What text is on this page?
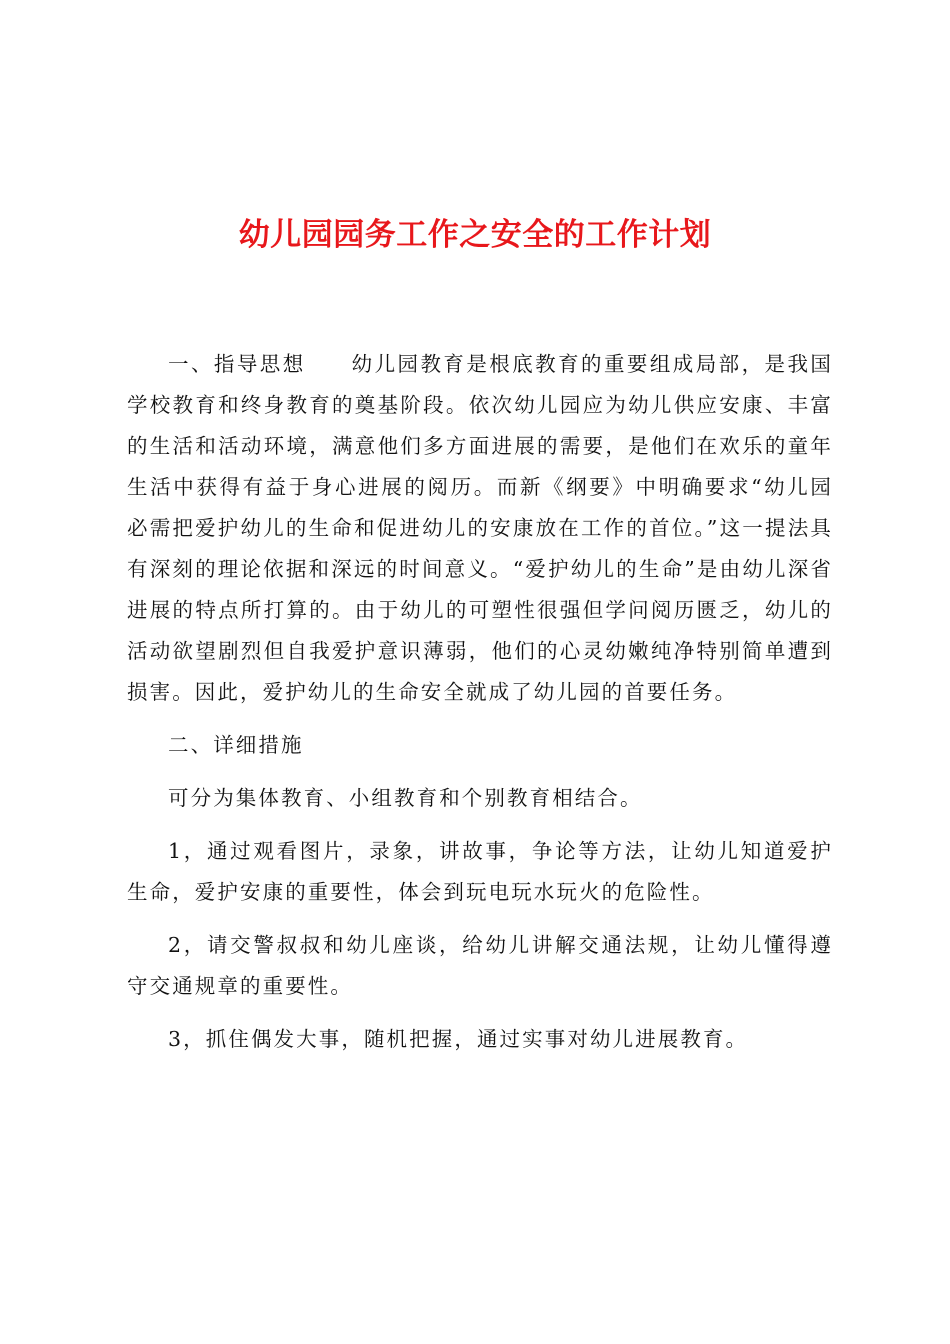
幼儿园园务工作之安全的工作计划

一、指导思想 幼儿园教育是根底教育的重要组成局部，是我国学校教育和终身教育的奠基阶段。依次幼儿园应为幼儿供应安康、丰富的生活和活动环境，满意他们多方面进展的需要，是他们在欢乐的童年生活中获得有益于身心进展的阅历。而新《纲要》中明确要求“幼儿园必需把爱护幼儿的生命和促进幼儿的安康放在工作的首位。”这一提法具有深刻的理论依据和深远的时间意义。“爱护幼儿的生命”是由幼儿深省进展的特点所打算的。由于幼儿的可塑性很强但学问阅历匮乏，幼儿的活动欲望剧烈但自我爱护意识薄弱，他们的心灵幼嫩纯净特别简单遭到损害。因此，爱护幼儿的生命安全就成了幼儿园的首要任务。

二、详细措施

可分为集体教育、小组教育和个别教育相结合。

1，通过观看图片，录象，讲故事，争论等方法，让幼儿知道爱护生命，爱护安康的重要性，体会到玩电玩水玩火的危险性。

2，请交警叔叔和幼儿座谈，给幼儿讲解交通法规，让幼儿懂得遵守交通规章的重要性。

3，抓住偶发大事，随机把握，通过实事对幼儿进展教育。
